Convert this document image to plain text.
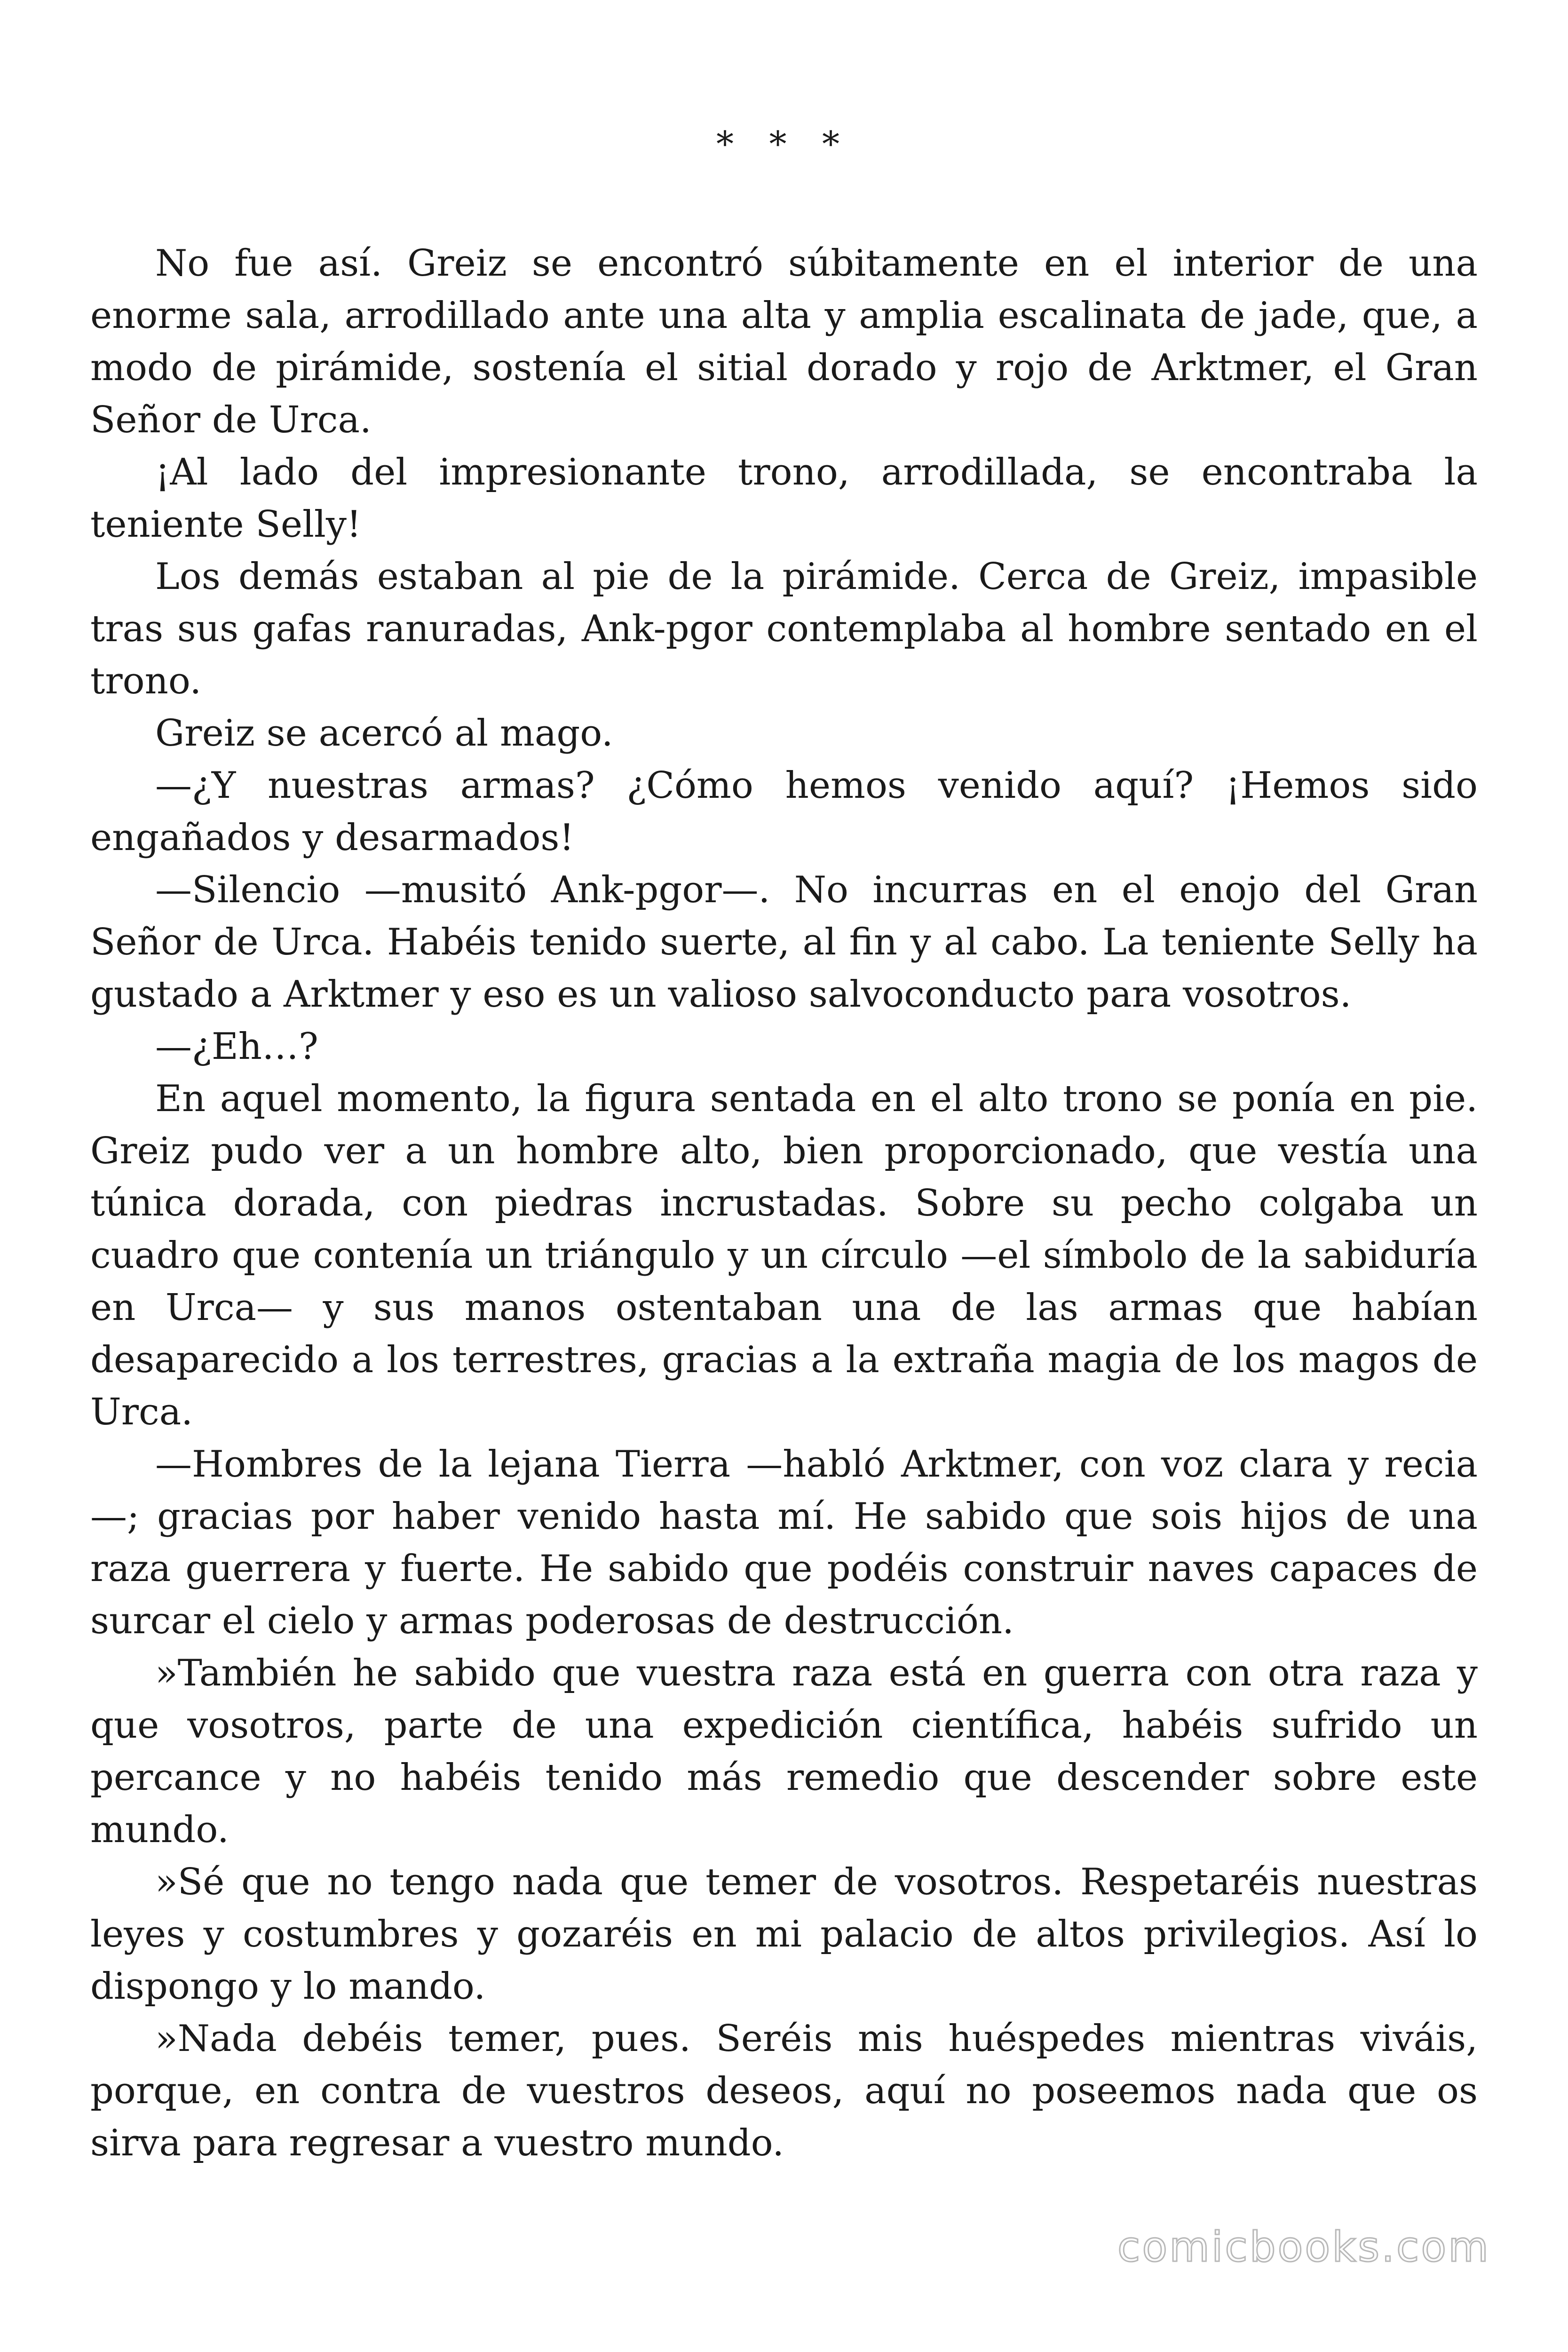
* * *

No fue así. Greiz se encontró súbitamente en el interior de una enorme sala, arrodillado ante una alta y amplia escalinata de jade, que, a modo de pirámide, sostenía el sitial dorado y rojo de Arktmer, el Gran Señor de Urca.

¡Al lado del impresionante trono, arrodillada, se encontraba la teniente Selly!

Los demás estaban al pie de la pirámide. Cerca de Greiz, impasible tras sus gafas ranuradas, Ank-pgor contemplaba al hombre sentado en el trono.

Greiz se acercó al mago.

—¿Y nuestras armas? ¿Cómo hemos venido aquí? ¡Hemos sido engañados y desarmados!

—Silencio —musitó Ank-pgor—. No incurras en el enojo del Gran Señor de Urca. Habéis tenido suerte, al fin y al cabo. La teniente Selly ha gustado a Arktmer y eso es un valioso salvoconducto para vosotros.

—¿Eh…?

En aquel momento, la figura sentada en el alto trono se ponía en pie. Greiz pudo ver a un hombre alto, bien proporcionado, que vestía una túnica dorada, con piedras incrustadas. Sobre su pecho colgaba un cuadro que contenía un triángulo y un círculo —el símbolo de la sabiduría en Urca— y sus manos ostentaban una de las armas que habían desaparecido a los terrestres, gracias a la extraña magia de los magos de Urca.

—Hombres de la lejana Tierra —habló Arktmer, con voz clara y recia—; gracias por haber venido hasta mí. He sabido que sois hijos de una raza guerrera y fuerte. He sabido que podéis construir naves capaces de surcar el cielo y armas poderosas de destrucción.

»También he sabido que vuestra raza está en guerra con otra raza y que vosotros, parte de una expedición científica, habéis sufrido un percance y no habéis tenido más remedio que descender sobre este mundo.

»Sé que no tengo nada que temer de vosotros. Respetaréis nuestras leyes y costumbres y gozaréis en mi palacio de altos privilegios. Así lo dispongo y lo mando.

»Nada debéis temer, pues. Seréis mis huéspedes mientras viváis, porque, en contra de vuestros deseos, aquí no poseemos nada que os sirva para regresar a vuestro mundo.

comicbooks.com
